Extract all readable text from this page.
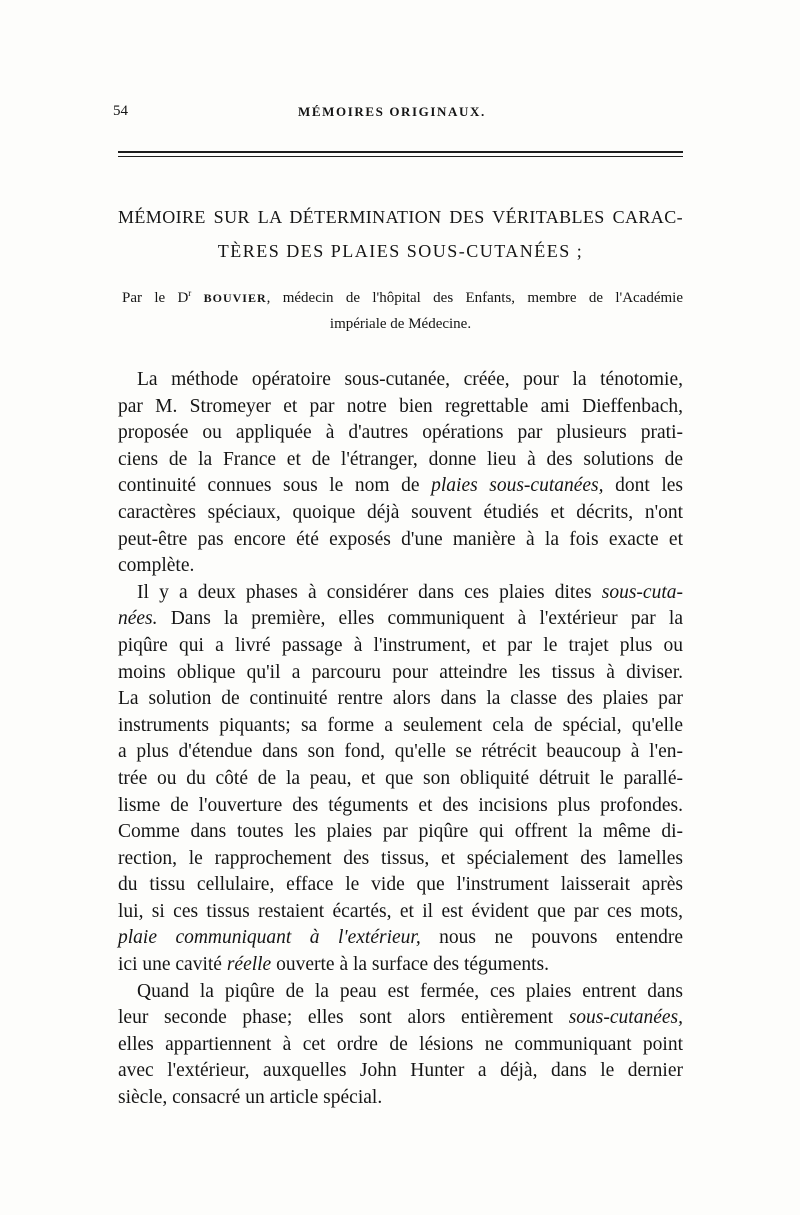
54	MÉMOIRES ORIGINAUX.
MÉMOIRE SUR LA DÉTERMINATION DES VÉRITABLES CARAC-
TÈRES DES PLAIES SOUS-CUTANÉES ;
Par le $D^r$ BOUVIER, médecin de l'hôpital des Enfants, membre de l'Académie
impériale de Médecine.
La méthode opératoire sous-cutanée, créée, pour la ténotomie,
par M. Stromeyer et par notre bien regrettable ami Dieffenbach,
proposée ou appliquée à d'autres opérations par plusieurs prati-
ciens de la France et de l'étranger, donne lieu à des solutions de
continuité connues sous le nom de plaies sous-cutanées, dont les
caractères spéciaux, quoique déjà souvent étudiés et décrits, n'ont
peut-être pas encore été exposés d'une manière à la fois exacte et
complète.
Il y a deux phases à considérer dans ces plaies dites sous-cuta-
nées. Dans la première, elles communiquent à l'extérieur par la
piqûre qui a livré passage à l'instrument, et par le trajet plus ou
moins oblique qu'il a parcouru pour atteindre les tissus à diviser.
La solution de continuité rentre alors dans la classe des plaies par
instruments piquants; sa forme a seulement cela de spécial, qu'elle
a plus d'étendue dans son fond, qu'elle se rétrécit beaucoup à l'en-
trée ou du côté de la peau, et que son obliquité détruit le parallé-
lisme de l'ouverture des téguments et des incisions plus profondes.
Comme dans toutes les plaies par piqûre qui offrent la même di-
rection, le rapprochement des tissus, et spécialement des lamelles
du tissu cellulaire, efface le vide que l'instrument laisserait après
lui, si ces tissus restaient écartés, et il est évident que par ces mots,
plaie communiquant à l'extérieur, nous ne pouvons entendre
ici une cavité réelle ouverte à la surface des téguments.
Quand la piqûre de la peau est fermée, ces plaies entrent dans
leur seconde phase; elles sont alors entièrement sous-cutanées,
elles appartiennent à cet ordre de lésions ne communiquant point
avec l'extérieur, auxquelles John Hunter a déjà, dans le dernier
siècle, consacré un article spécial.
